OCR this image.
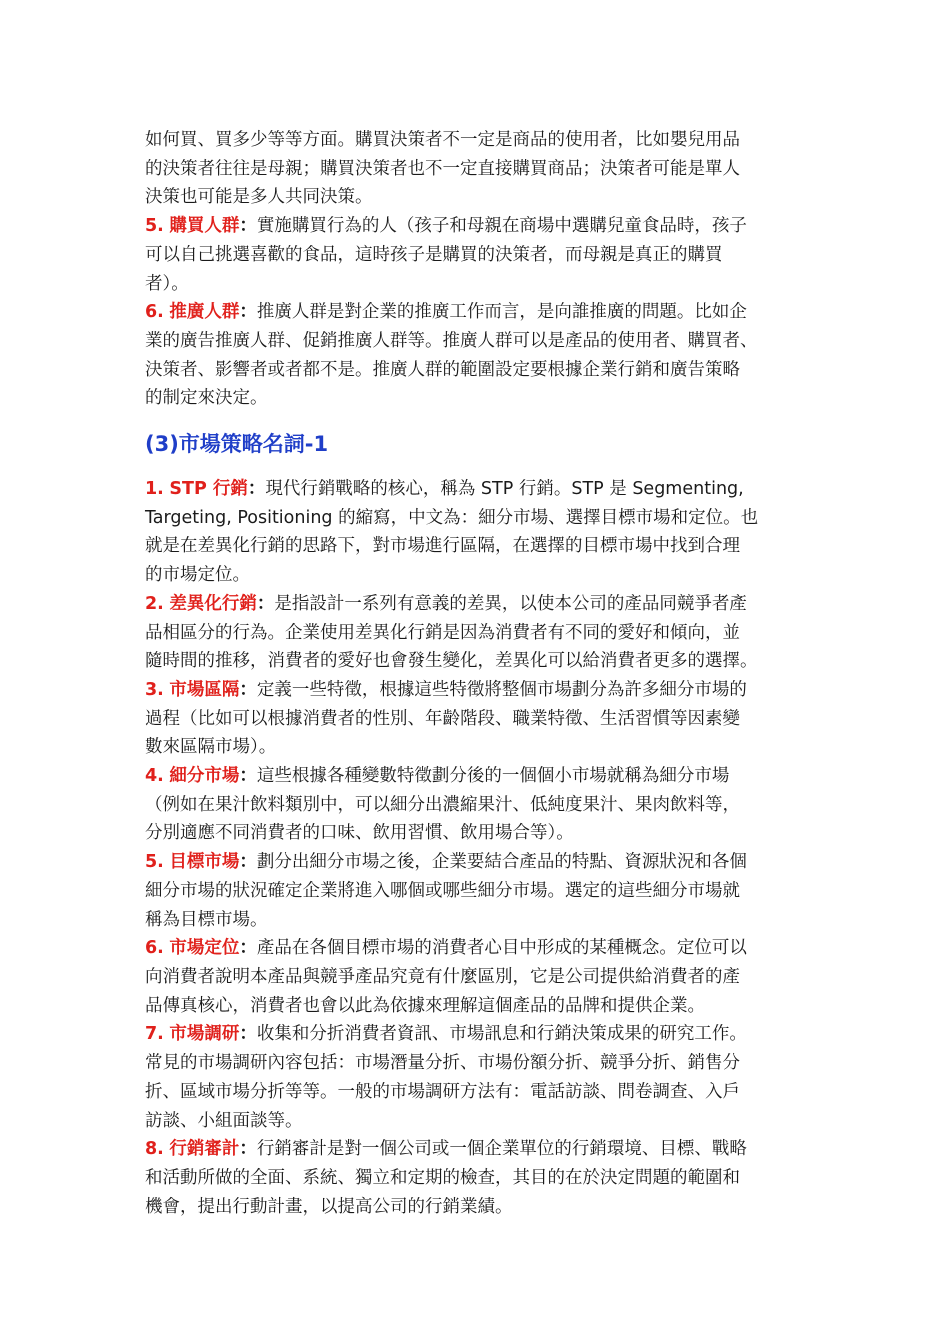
如何買、買多少等等方面。購買決策者不一定是商品的使用者，比如嬰兒用品
的決策者往往是母親；購買決策者也不一定直接購買商品；決策者可能是單人
決策也可能是多人共同決策。
5. 購買人群：實施購買行為的人（孩子和母親在商場中選購兒童食品時，孩子
可以自己挑選喜歡的食品，這時孩子是購買的決策者，而母親是真正的購買
者）。
6. 推廣人群：推廣人群是對企業的推廣工作而言，是向誰推廣的問題。比如企
業的廣告推廣人群、促銷推廣人群等。推廣人群可以是產品的使用者、購買者、
決策者、影響者或者都不是。推廣人群的範圍設定要根據企業行銷和廣告策略
的制定來決定。
(3)市場策略名詞-1
1. STP 行銷：現代行銷戰略的核心，稱為 STP 行銷。STP 是 Segmenting,
Targeting, Positioning 的縮寫，中文為：細分市場、選擇目標市場和定位。也
就是在差異化行銷的思路下，對市場進行區隔，在選擇的目標市場中找到合理
的市場定位。
2. 差異化行銷：是指設計一系列有意義的差異，以使本公司的產品同競爭者產
品相區分的行為。企業使用差異化行銷是因為消費者有不同的愛好和傾向，並
隨時間的推移，消費者的愛好也會發生變化，差異化可以給消費者更多的選擇。
3. 市場區隔：定義一些特徵，根據這些特徵將整個市場劃分為許多細分市場的
過程（比如可以根據消費者的性別、年齡階段、職業特徵、生活習慣等因素變
數來區隔市場）。
4. 細分市場：這些根據各種變數特徵劃分後的一個個小市場就稱為細分市場
（例如在果汁飲料類別中，可以細分出濃縮果汁、低純度果汁、果肉飲料等，
分別適應不同消費者的口味、飲用習慣、飲用場合等）。
5. 目標市場：劃分出細分市場之後，企業要結合產品的特點、資源狀況和各個
細分市場的狀況確定企業將進入哪個或哪些細分市場。選定的這些細分市場就
稱為目標市場。
6. 市場定位：產品在各個目標市場的消費者心目中形成的某種概念。定位可以
向消費者說明本產品與競爭產品究竟有什麼區別，它是公司提供給消費者的產
品傳真核心，消費者也會以此為依據來理解這個產品的品牌和提供企業。
7. 市場調研：收集和分折消費者資訊、市場訊息和行銷決策成果的研究工作。
常見的市場調研內容包括：市場潛量分折、市場份額分折、競爭分折、銷售分
折、區域市場分折等等。一般的市場調研方法有：電話訪談、問卷調查、入戶
訪談、小組面談等。
8. 行銷審計：行銷審計是對一個公司或一個企業單位的行銷環境、目標、戰略
和活動所做的全面、系統、獨立和定期的檢查，其目的在於決定問題的範圍和
機會，提出行動計畫，以提高公司的行銷業績。
